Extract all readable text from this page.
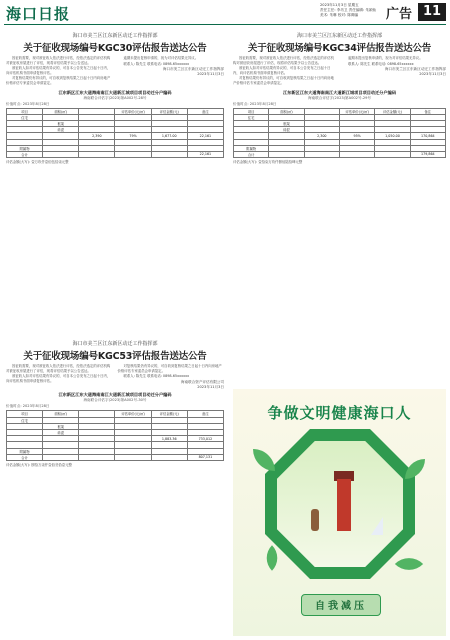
海口日报	2023年11月3日 星期五
责任主任: 李坊卫 责任编辑: 朱颖仙
美术: 朱琳 校对: 陈卿编	广告 11
海口市美兰区江东新区动迁工作指挥部
关于征收现场编号KGC30评估报告送达公告

因征收需要，现对被征收人依法进行评估，经依法选定的评估机构对被征收房屋进行了评估，现将评估结果予以公告送达。

被征收人如对评估结果有异议的，可自本公告发布之日起十日内，向评估机构书面申请复核评估。

对复核结果仍有异议的，可自收到复核结果之日起十日内向房地产价格评估专家委员会申请鉴定。

逾期未提出复核申请的，视为对评估结果无异议。

联系人: 陈先生 联系电话: 0898-65xxxxxx

海口市美兰区江东新区动迁工作指挥部
2023年11月3日

江东新区江东大道海南南江大道新江城项目项目动迁分户编码
海南联合评估字(2023)第A002号-28号
价值时点: 2023年8月28日
项目	面积(㎡)		评估单价(元/㎡)	评估金额(元)	备注
住宅					
	框架				
	砖混				
		2,390	79%	1,677.00	22,161

附属物					
合计					22,161
评估金额(大写): 壹万玖仟壹佰伍拾柒元整
海口市美兰区江东新区动迁工作指挥部
关于征收现场编号KGC34评估报告送达公告

因征收需要，现对被征收人依法进行评估，经依法选定的评估机构对被征收房屋进行了评估，现将评估结果予以公告送达。

被征收人如对评估结果有异议的，可自本公告发布之日起十日内，向评估机构书面申请复核评估。

对复核结果仍有异议的，可自收到复核结果之日起十日内向房地产价格评估专家委员会申请鉴定。

逾期未提出复核申请的，视为对评估结果无异议。

联系人: 陈先生 联系电话: 0898-65xxxxxx

海口市美兰区江东新区动迁工作指挥部
2023年11月3日

江东新区江东大道海南南江大道新江城项目项目动迁分户编码
海南联合评估字(2023)第A002号-29号
价值时点: 2023年8月28日
项目	面积(㎡)		评估单价(元/㎡)	评估金额(元)	备注
住宅					
	框架				
	砖混				
		2,300	95%	1,050.00	170,864

附属物					
合计					179,864
评估金额(大写): 壹拾柒万玖仟捌佰陆拾肆元整
海口市美兰区江东新区动迁工作指挥部
关于征收现场编号KGC53评估报告送达公告

因征收需要，现对被征收人依法进行评估，经依法选定的评估机构对被征收房屋进行了评估，现将评估结果予以公告送达。

被征收人如对评估结果有异议的，可自本公告发布之日起十日内，向评估机构书面申请复核评估。

对复核结果仍有异议的，可自收到复核结果之日起十日内向房地产价格评估专家委员会申请鉴定。

联系人: 陈先生 联系电话: 0898-65xxxxxx

海南联合资产评估有限公司
2023年11月3日

江东新区江东大道海南南江大道新江城项目项目动迁分户编码
海南联合评估字(2023)第A002号-30号
价值时点: 2023年8月28日
项目	面积(㎡)		评估单价(元/㎡)	评估金额(元)	备注
住宅					
	框架				
	砖混				
				1,883.36	733,012

附属物					
合计					807,131
评估金额(大写): 捌拾万柒仟壹佰叁拾壹元整
争做文明健康海口人
自我减压
